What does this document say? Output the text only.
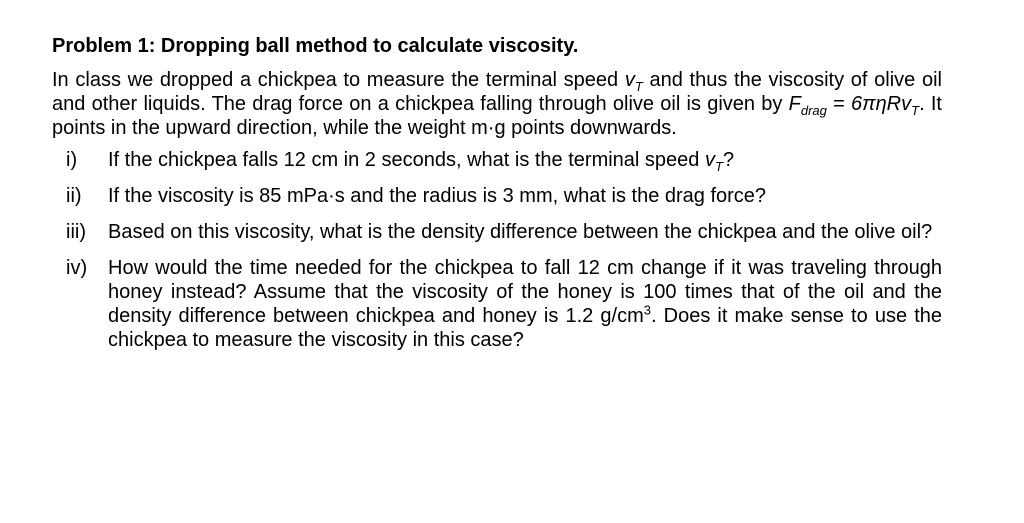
Problem 1: Dropping ball method to calculate viscosity.
In class we dropped a chickpea to measure the terminal speed $v_T$ and thus the viscosity of olive oil and other liquids. The drag force on a chickpea falling through olive oil is given by $F_{drag} = 6\pi\eta Rv_T$. It points in the upward direction, while the weight m·g points downwards.
i)	If the chickpea falls 12 cm in 2 seconds, what is the terminal speed $v_T$?
ii)	If the viscosity is 85 mPa·s and the radius is 3 mm, what is the drag force?
iii)	Based on this viscosity, what is the density difference between the chickpea and the olive oil?
iv)	How would the time needed for the chickpea to fall 12 cm change if it was traveling through honey instead? Assume that the viscosity of the honey is 100 times that of the oil and the density difference between chickpea and honey is 1.2 $g/cm^3$. Does it make sense to use the chickpea to measure the viscosity in this case?
